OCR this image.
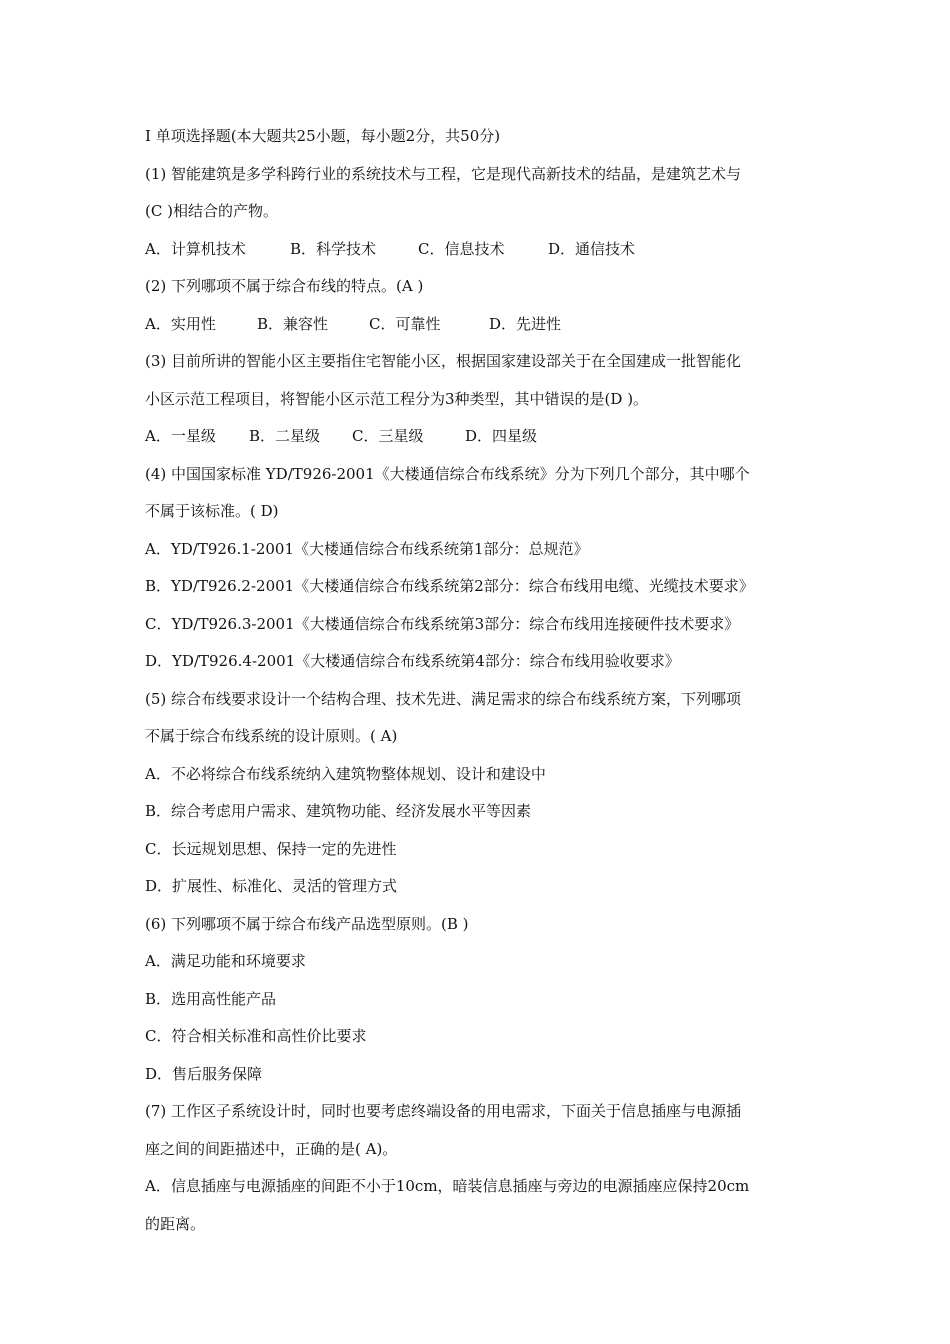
Ⅰ 单项选择题(本大题共25小题，每小题2分，共50分)
(1) 智能建筑是多学科跨行业的系统技术与工程，它是现代高新技术的结晶，是建筑艺术与
(C )相结合的产物。
A．计算机技术	B．科学技术	C．信息技术	D．通信技术
(2) 下列哪项不属于综合布线的特点。(A )
A．实用性	B．兼容性	C．可靠性	D．先进性
(3) 目前所讲的智能小区主要指住宅智能小区，根据国家建设部关于在全国建成一批智能化
小区示范工程项目，将智能小区示范工程分为3种类型，其中错误的是(D )。
A．一星级 B．二星级 C．三星级	D．四星级
(4) 中国国家标准 YD/T926-2001《大楼通信综合布线系统》分为下列几个部分，其中哪个
不属于该标准。( D)
A．YD/T926.1-2001《大楼通信综合布线系统第1部分：总规范》
B．YD/T926.2-2001《大楼通信综合布线系统第2部分：综合布线用电缆、光缆技术要求》
C．YD/T926.3-2001《大楼通信综合布线系统第3部分：综合布线用连接硬件技术要求》
D．YD/T926.4-2001《大楼通信综合布线系统第4部分：综合布线用验收要求》
(5) 综合布线要求设计一个结构合理、技术先进、满足需求的综合布线系统方案，下列哪项
不属于综合布线系统的设计原则。( A)
A．不必将综合布线系统纳入建筑物整体规划、设计和建设中
B．综合考虑用户需求、建筑物功能、经济发展水平等因素
C．长远规划思想、保持一定的先进性
D．扩展性、标准化、灵活的管理方式
(6) 下列哪项不属于综合布线产品选型原则。(B )
A．满足功能和环境要求
B．选用高性能产品
C．符合相关标准和高性价比要求
D．售后服务保障
(7) 工作区子系统设计时，同时也要考虑终端设备的用电需求，下面关于信息插座与电源插
座之间的间距描述中，正确的是( A)。
A．信息插座与电源插座的间距不小于10cm，暗装信息插座与旁边的电源插座应保持20cm
的距离。
